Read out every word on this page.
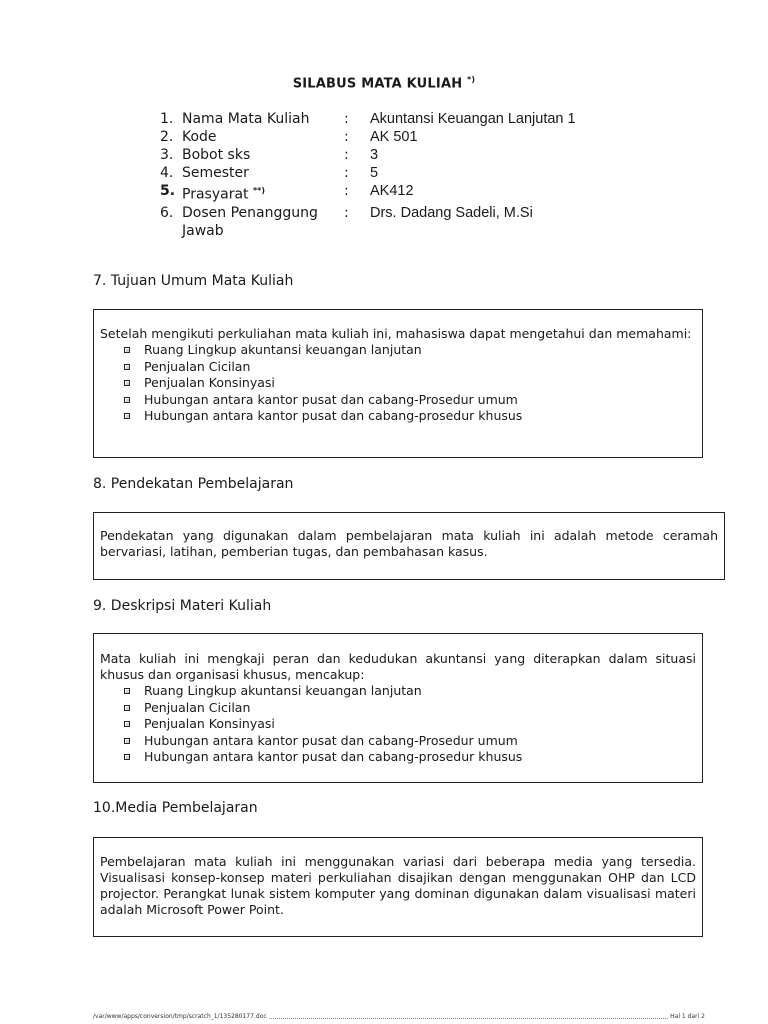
SILABUS MATA KULIAH *)
1. Nama Mata Kuliah	:	Akuntansi Keuangan Lanjutan 1
2. Kode	:	AK 501
3. Bobot sks	:	3
4. Semester	:	5
5. Prasyarat **)	:	AK412
6. Dosen Penanggung
Jawab
:	Drs. Dadang Sadeli, M.Si
7. Tujuan Umum Mata Kuliah

Setelah mengikuti perkuliahan mata kuliah ini, mahasiswa dapat mengetahui dan memahami:

Ruang Lingkup akuntansi keuangan lanjutan
Penjualan Cicilan
Penjualan Konsinyasi
Hubungan antara kantor pusat dan cabang-Prosedur umum
Hubungan antara kantor pusat dan cabang-prosedur khusus
8. Pendekatan Pembelajaran

Pendekatan yang digunakan dalam pembelajaran mata kuliah ini adalah metode ceramah bervariasi, latihan, pemberian tugas, dan pembahasan kasus.

9. Deskripsi Materi Kuliah

Mata kuliah ini mengkaji peran dan kedudukan akuntansi yang diterapkan dalam situasi khusus dan organisasi khusus, mencakup:

Ruang Lingkup akuntansi keuangan lanjutan
Penjualan Cicilan
Penjualan Konsinyasi
Hubungan antara kantor pusat dan cabang-Prosedur umum
Hubungan antara kantor pusat dan cabang-prosedur khusus
10.Media Pembelajaran

Pembelajaran mata kuliah ini menggunakan variasi dari beberapa media yang tersedia. Visualisasi konsep-konsep materi perkuliahan disajikan dengan menggunakan OHP dan LCD projector. Perangkat lunak sistem komputer yang dominan digunakan dalam visualisasi materi adalah Microsoft Power Point.

/var/www/apps/conversion/tmp/scratch_1/135280177.doc	Hal 1 dari 2
